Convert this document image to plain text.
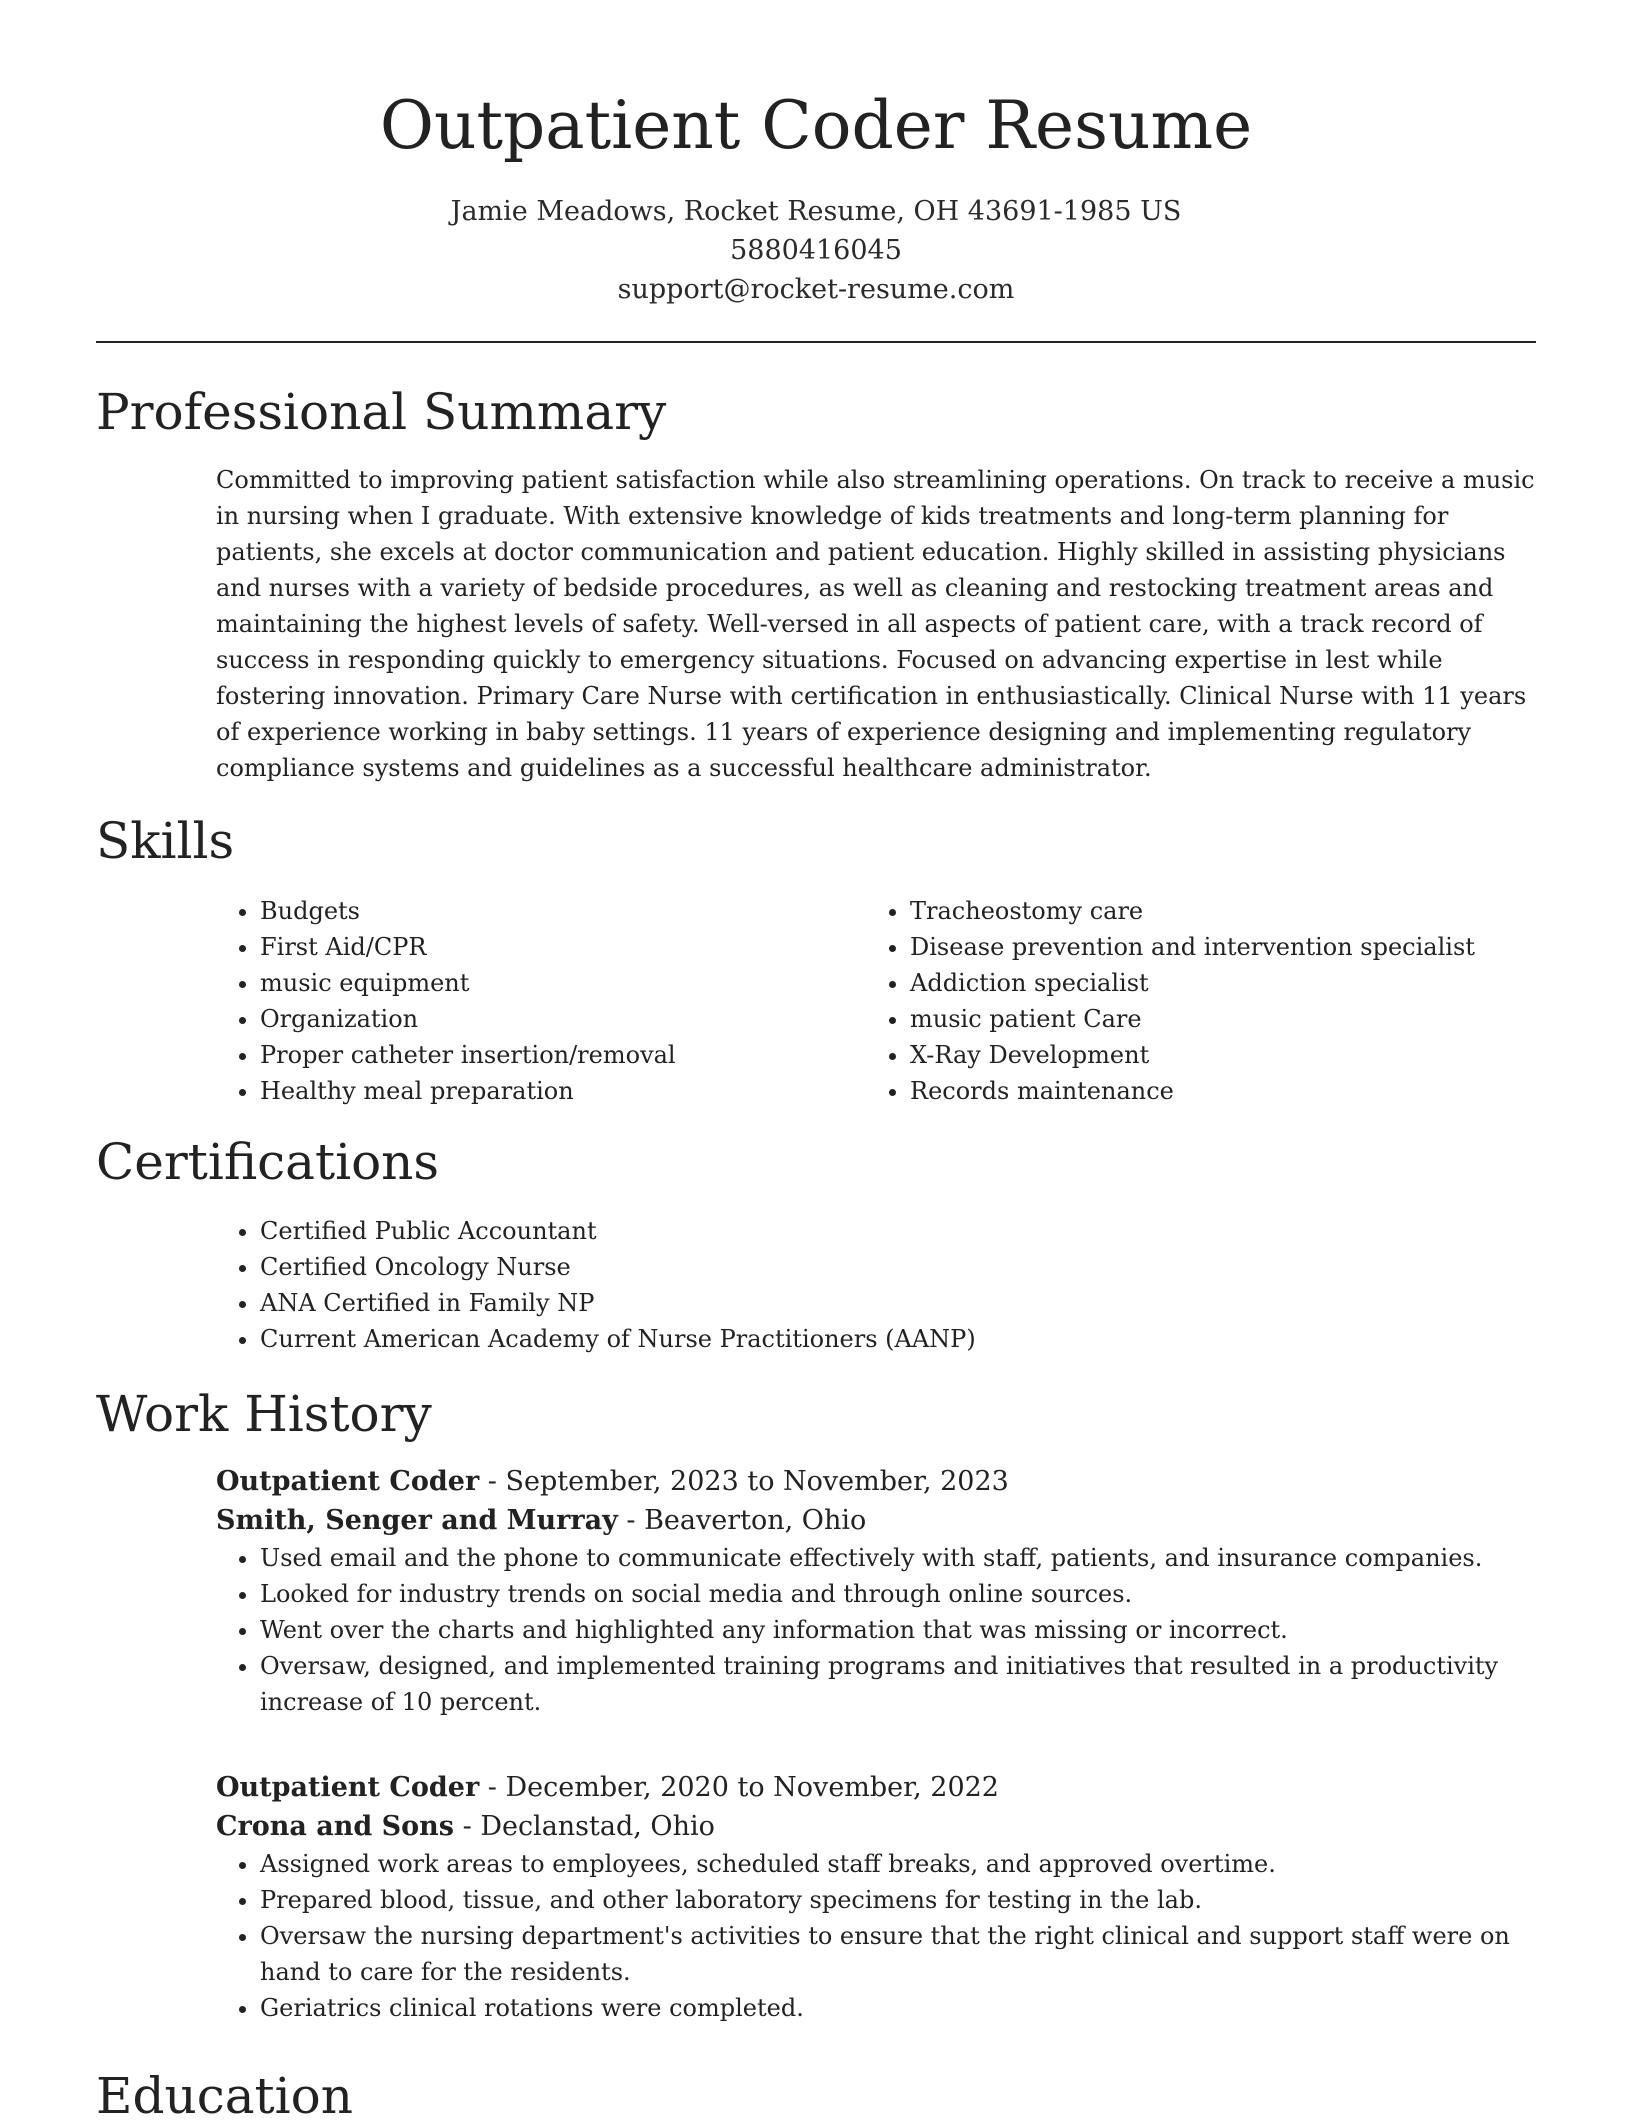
Outpatient Coder Resume
Jamie Meadows, Rocket Resume, OH 43691-1985 US
5880416045
support@rocket-resume.com
Professional Summary

Committed to improving patient satisfaction while also streamlining operations. On track to receive a music in nursing when I graduate. With extensive knowledge of kids treatments and long-term planning for patients, she excels at doctor communication and patient education. Highly skilled in assisting physicians and nurses with a variety of bedside procedures, as well as cleaning and restocking treatment areas and maintaining the highest levels of safety. Well-versed in all aspects of patient care, with a track record of success in responding quickly to emergency situations. Focused on advancing expertise in lest while fostering innovation. Primary Care Nurse with certification in enthusiastically. Clinical Nurse with 11 years of experience working in baby settings. 11 years of experience designing and implementing regulatory compliance systems and guidelines as a successful healthcare administrator.

Skills
• Budgets
• First Aid/CPR
• music equipment
• Organization
• Proper catheter insertion/removal
• Healthy meal preparation
• Tracheostomy care
• Disease prevention and intervention specialist
• Addiction specialist
• music patient Care
• X-Ray Development
• Records maintenance
Certifications
• Certified Public Accountant
• Certified Oncology Nurse
• ANA Certified in Family NP
• Current American Academy of Nurse Practitioners (AANP)
Work History
Outpatient Coder - September, 2023 to November, 2023
Smith, Senger and Murray - Beaverton, Ohio
• Used email and the phone to communicate effectively with staff, patients, and insurance companies.
• Looked for industry trends on social media and through online sources.
• Went over the charts and highlighted any information that was missing or incorrect.
• Oversaw, designed, and implemented training programs and initiatives that resulted in a productivity increase of 10 percent.
Outpatient Coder - December, 2020 to November, 2022
Crona and Sons - Declanstad, Ohio
• Assigned work areas to employees, scheduled staff breaks, and approved overtime.
• Prepared blood, tissue, and other laboratory specimens for testing in the lab.
• Oversaw the nursing department's activities to ensure that the right clinical and support staff were on hand to care for the residents.
• Geriatrics clinical rotations were completed.
Education
